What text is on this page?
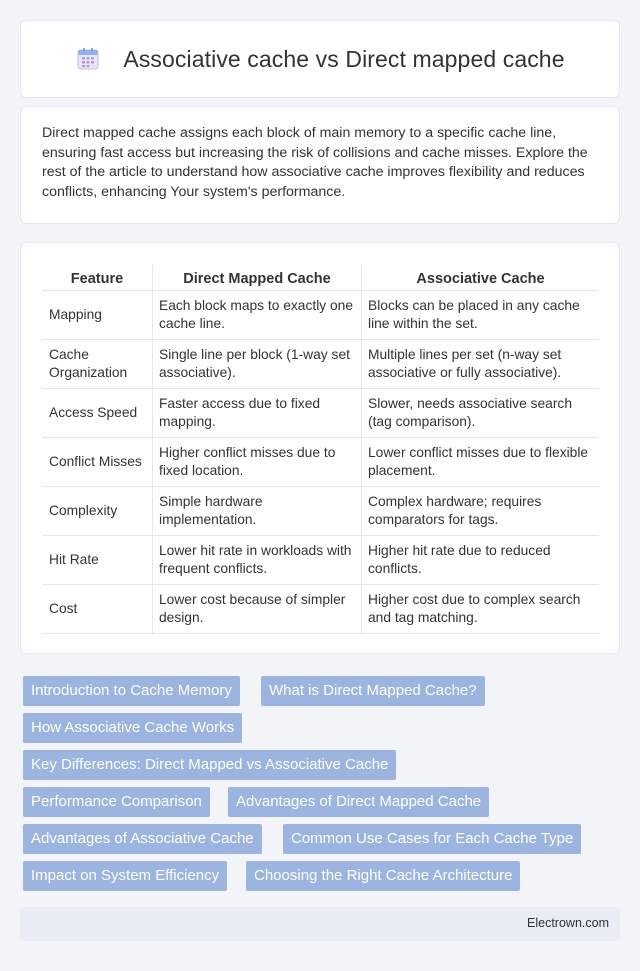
Associative cache vs Direct mapped cache

Direct mapped cache assigns each block of main memory to a specific cache line, ensuring fast access but increasing the risk of collisions and cache misses. Explore the rest of the article to understand how associative cache improves flexibility and reduces conflicts, enhancing Your system's performance.

Feature	Direct Mapped Cache	Associative Cache
Mapping	Each block maps to exactly one cache line.	Blocks can be placed in any cache line within the set.
Cache Organization	Single line per block (1-way set associative).	Multiple lines per set (n-way set associative or fully associative).
Access Speed	Faster access due to fixed mapping.	Slower, needs associative search (tag comparison).
Conflict Misses	Higher conflict misses due to fixed location.	Lower conflict misses due to flexible placement.
Complexity	Simple hardware implementation.	Complex hardware; requires comparators for tags.
Hit Rate	Lower hit rate in workloads with frequent conflicts.	Higher hit rate due to reduced conflicts.
Cost	Lower cost because of simpler design.	Higher cost due to complex search and tag matching.
Introduction to Cache Memory	What is Direct Mapped Cache?
How Associative Cache Works
Key Differences: Direct Mapped vs Associative Cache
Performance Comparison	Advantages of Direct Mapped Cache
Advantages of Associative Cache	Common Use Cases for Each Cache Type
Impact on System Efficiency	Choosing the Right Cache Architecture
Electrown.com
